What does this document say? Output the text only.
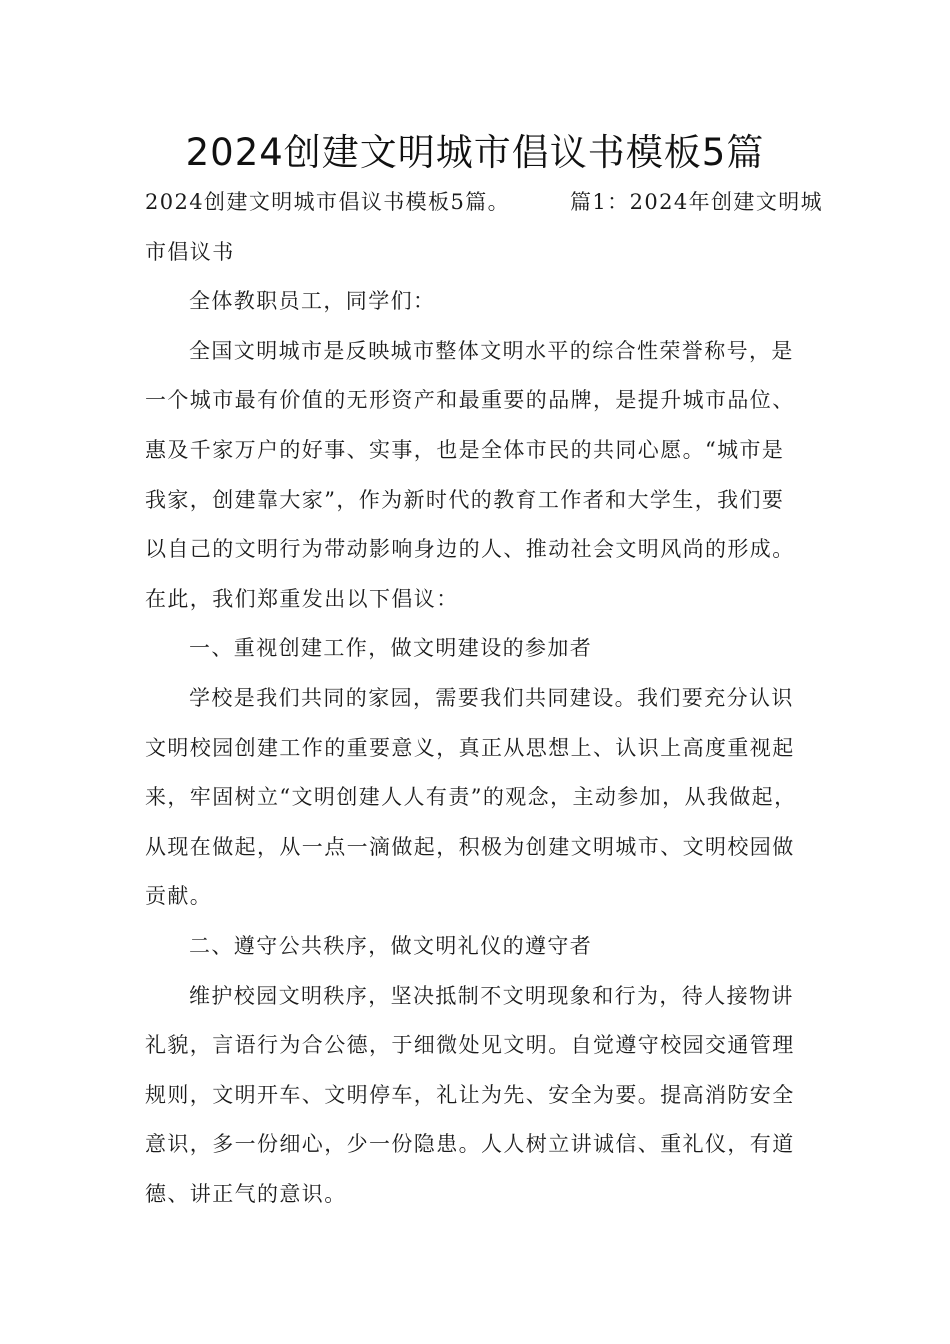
2024创建文明城市倡议书模板5篇
2024创建文明城市倡议书模板5篇。	篇1：2024年创建文明城
市倡议书
全体教职员工，同学们：
全国文明城市是反映城市整体文明水平的综合性荣誉称号，是
一个城市最有价值的无形资产和最重要的品牌，是提升城市品位、
惠及千家万户的好事、实事，也是全体市民的共同心愿。“城市是
我家，创建靠大家”，作为新时代的教育工作者和大学生，我们要
以自己的文明行为带动影响身边的人、推动社会文明风尚的形成。
在此，我们郑重发出以下倡议：
一、重视创建工作，做文明建设的参加者
学校是我们共同的家园，需要我们共同建设。我们要充分认识
文明校园创建工作的重要意义，真正从思想上、认识上高度重视起
来，牢固树立“文明创建人人有责”的观念，主动参加，从我做起，
从现在做起，从一点一滴做起，积极为创建文明城市、文明校园做
贡献。
二、遵守公共秩序，做文明礼仪的遵守者
维护校园文明秩序，坚决抵制不文明现象和行为，待人接物讲
礼貌，言语行为合公德，于细微处见文明。自觉遵守校园交通管理
规则，文明开车、文明停车，礼让为先、安全为要。提高消防安全
意识，多一份细心，少一份隐患。人人树立讲诚信、重礼仪，有道
德、讲正气的意识。
